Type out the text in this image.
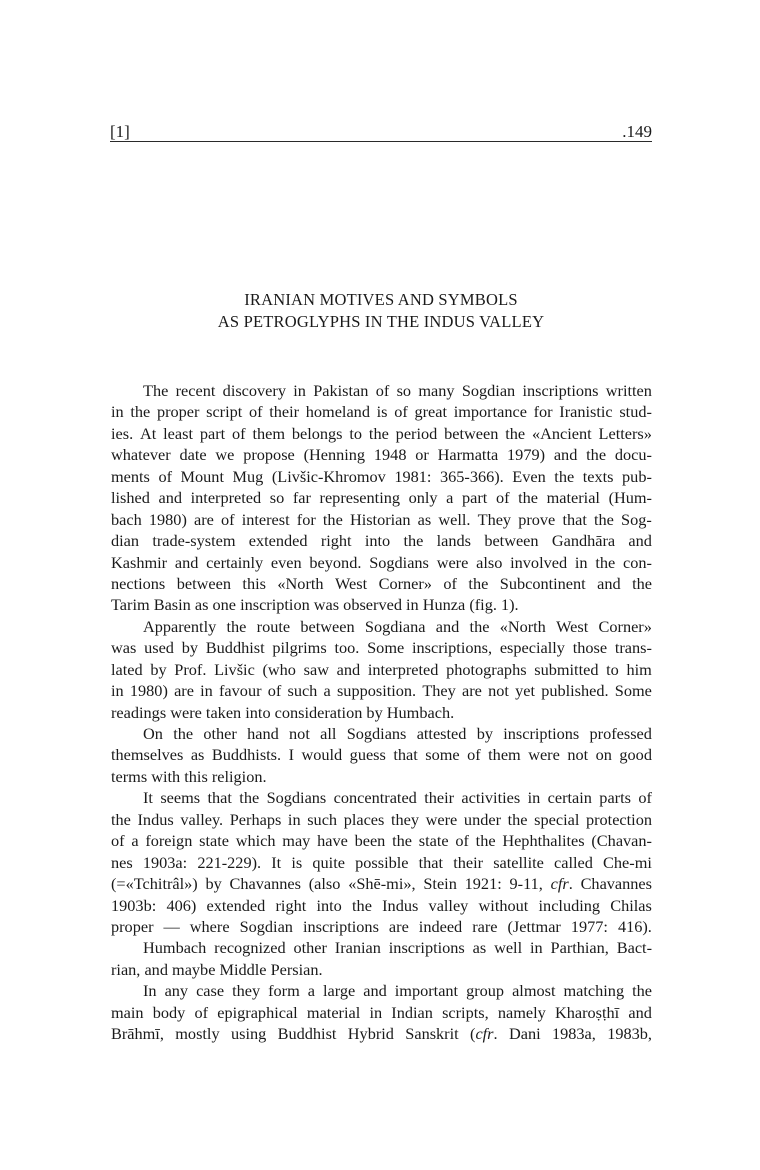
[1]	.149
IRANIAN MOTIVES AND SYMBOLS
AS PETROGLYPHS IN THE INDUS VALLEY
The recent discovery in Pakistan of so many Sogdian inscriptions written
in the proper script of their homeland is of great importance for Iranistic stud-
ies. At least part of them belongs to the period between the «Ancient Letters»
whatever date we propose (Henning 1948 or Harmatta 1979) and the docu-
ments of Mount Mug (Livšic-Khromov 1981: 365-366). Even the texts pub-
lished and interpreted so far representing only a part of the material (Hum-
bach 1980) are of interest for the Historian as well. They prove that the Sog-
dian trade-system extended right into the lands between Gandhāra and
Kashmir and certainly even beyond. Sogdians were also involved in the con-
nections between this «North West Corner» of the Subcontinent and the
Tarim Basin as one inscription was observed in Hunza (fig. 1).
Apparently the route between Sogdiana and the «North West Corner»
was used by Buddhist pilgrims too. Some inscriptions, especially those trans-
lated by Prof. Livšic (who saw and interpreted photographs submitted to him
in 1980) are in favour of such a supposition. They are not yet published. Some
readings were taken into consideration by Humbach.
On the other hand not all Sogdians attested by inscriptions professed
themselves as Buddhists. I would guess that some of them were not on good
terms with this religion.
It seems that the Sogdians concentrated their activities in certain parts of
the Indus valley. Perhaps in such places they were under the special protection
of a foreign state which may have been the state of the Hephthalites (Chavan-
nes 1903a: 221-229). It is quite possible that their satellite called Che-mi
(=«Tchitrâl») by Chavannes (also «Shē-mi», Stein 1921: 9-11, cfr. Chavannes
1903b: 406) extended right into the Indus valley without including Chilas
proper — where Sogdian inscriptions are indeed rare (Jettmar 1977: 416).
Humbach recognized other Iranian inscriptions as well in Parthian, Bact-
rian, and maybe Middle Persian.
In any case they form a large and important group almost matching the
main body of epigraphical material in Indian scripts, namely Kharoṣṭhī and
Brāhmī, mostly using Buddhist Hybrid Sanskrit (cfr. Dani 1983a, 1983b,
